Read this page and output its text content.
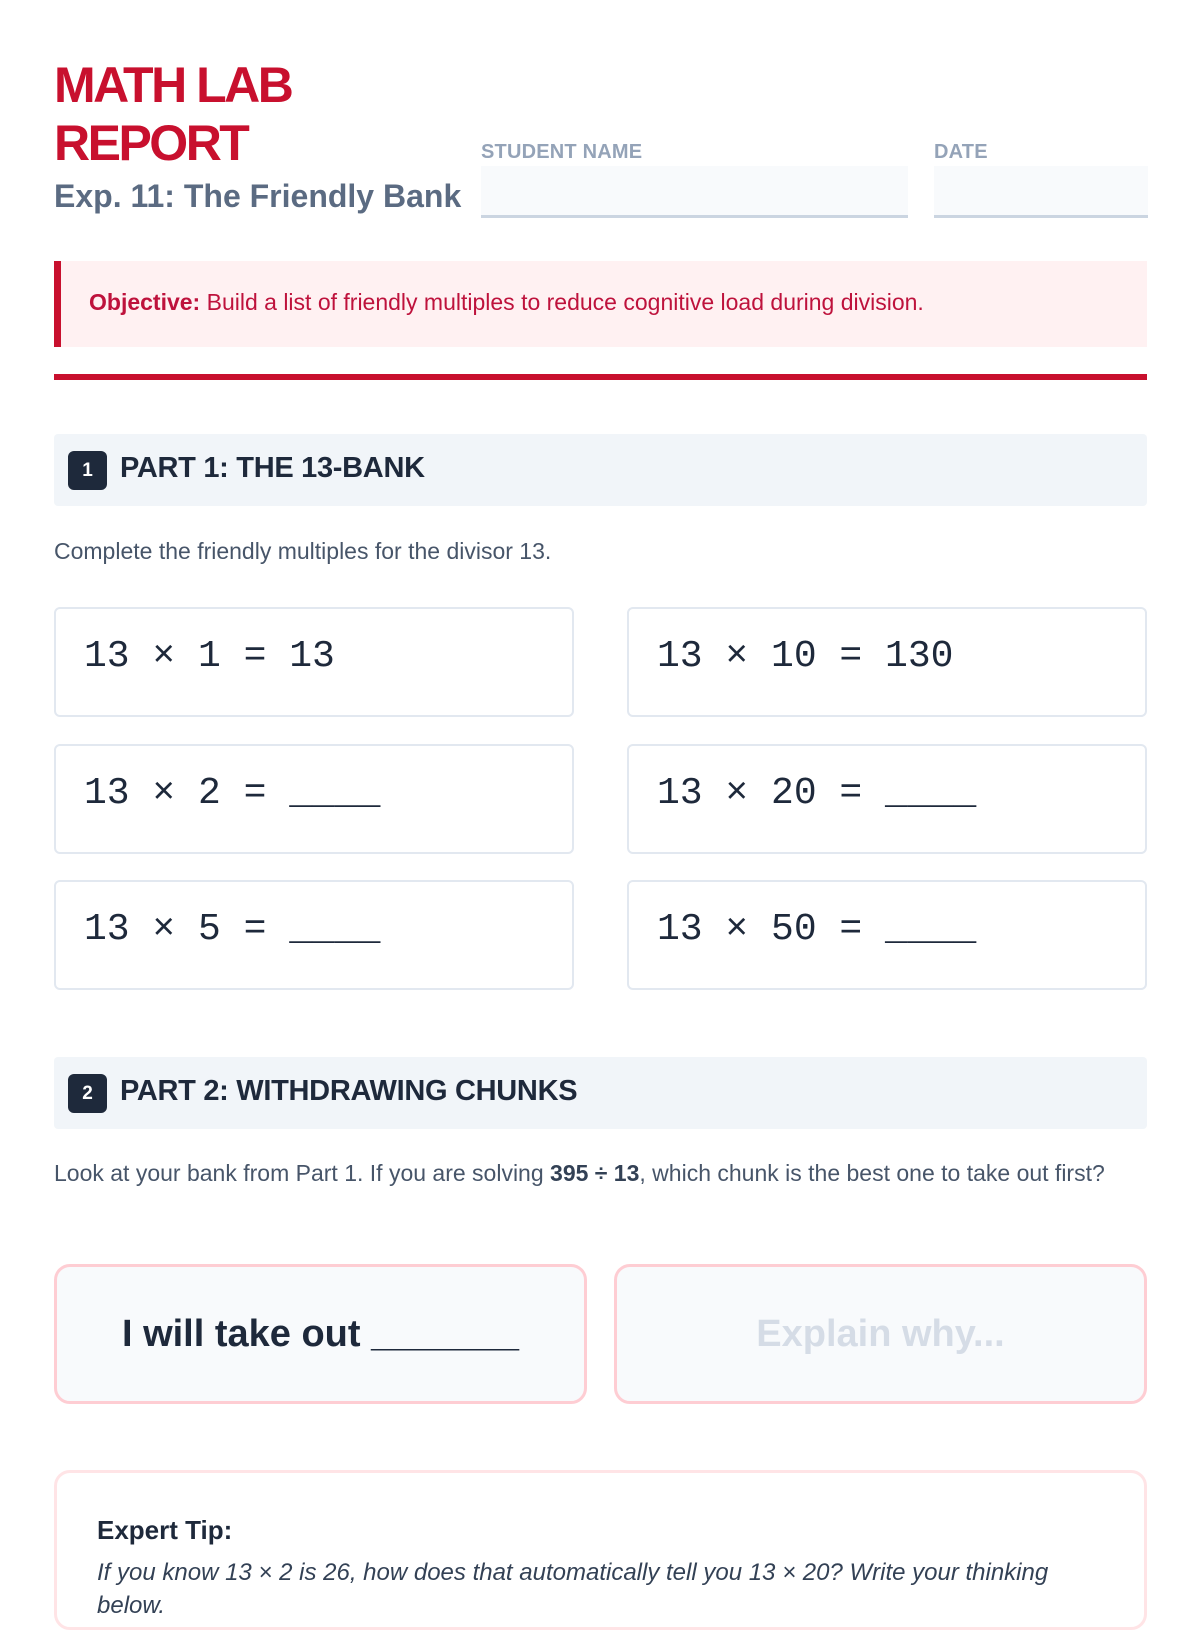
MATH LAB
REPORT
Exp. 11: The Friendly Bank
STUDENT NAME	DATE
Objective: Build a list of friendly multiples to reduce cognitive load during division.
1 PART 1: THE 13-BANK
Complete the friendly multiples for the divisor 13.
13 × 1 = 13	13 × 10 = 130
13 × 2 = ____	13 × 20 = ____
13 × 5 = ____	13 × 50 = ____
2 PART 2: WITHDRAWING CHUNKS
Look at your bank from Part 1. If you are solving 395 ÷ 13, which chunk is the best one to take out first?
I will take out _______	Explain why...
Expert Tip:
If you know 13 × 2 is 26, how does that automatically tell you 13 × 20? Write your thinking below.
